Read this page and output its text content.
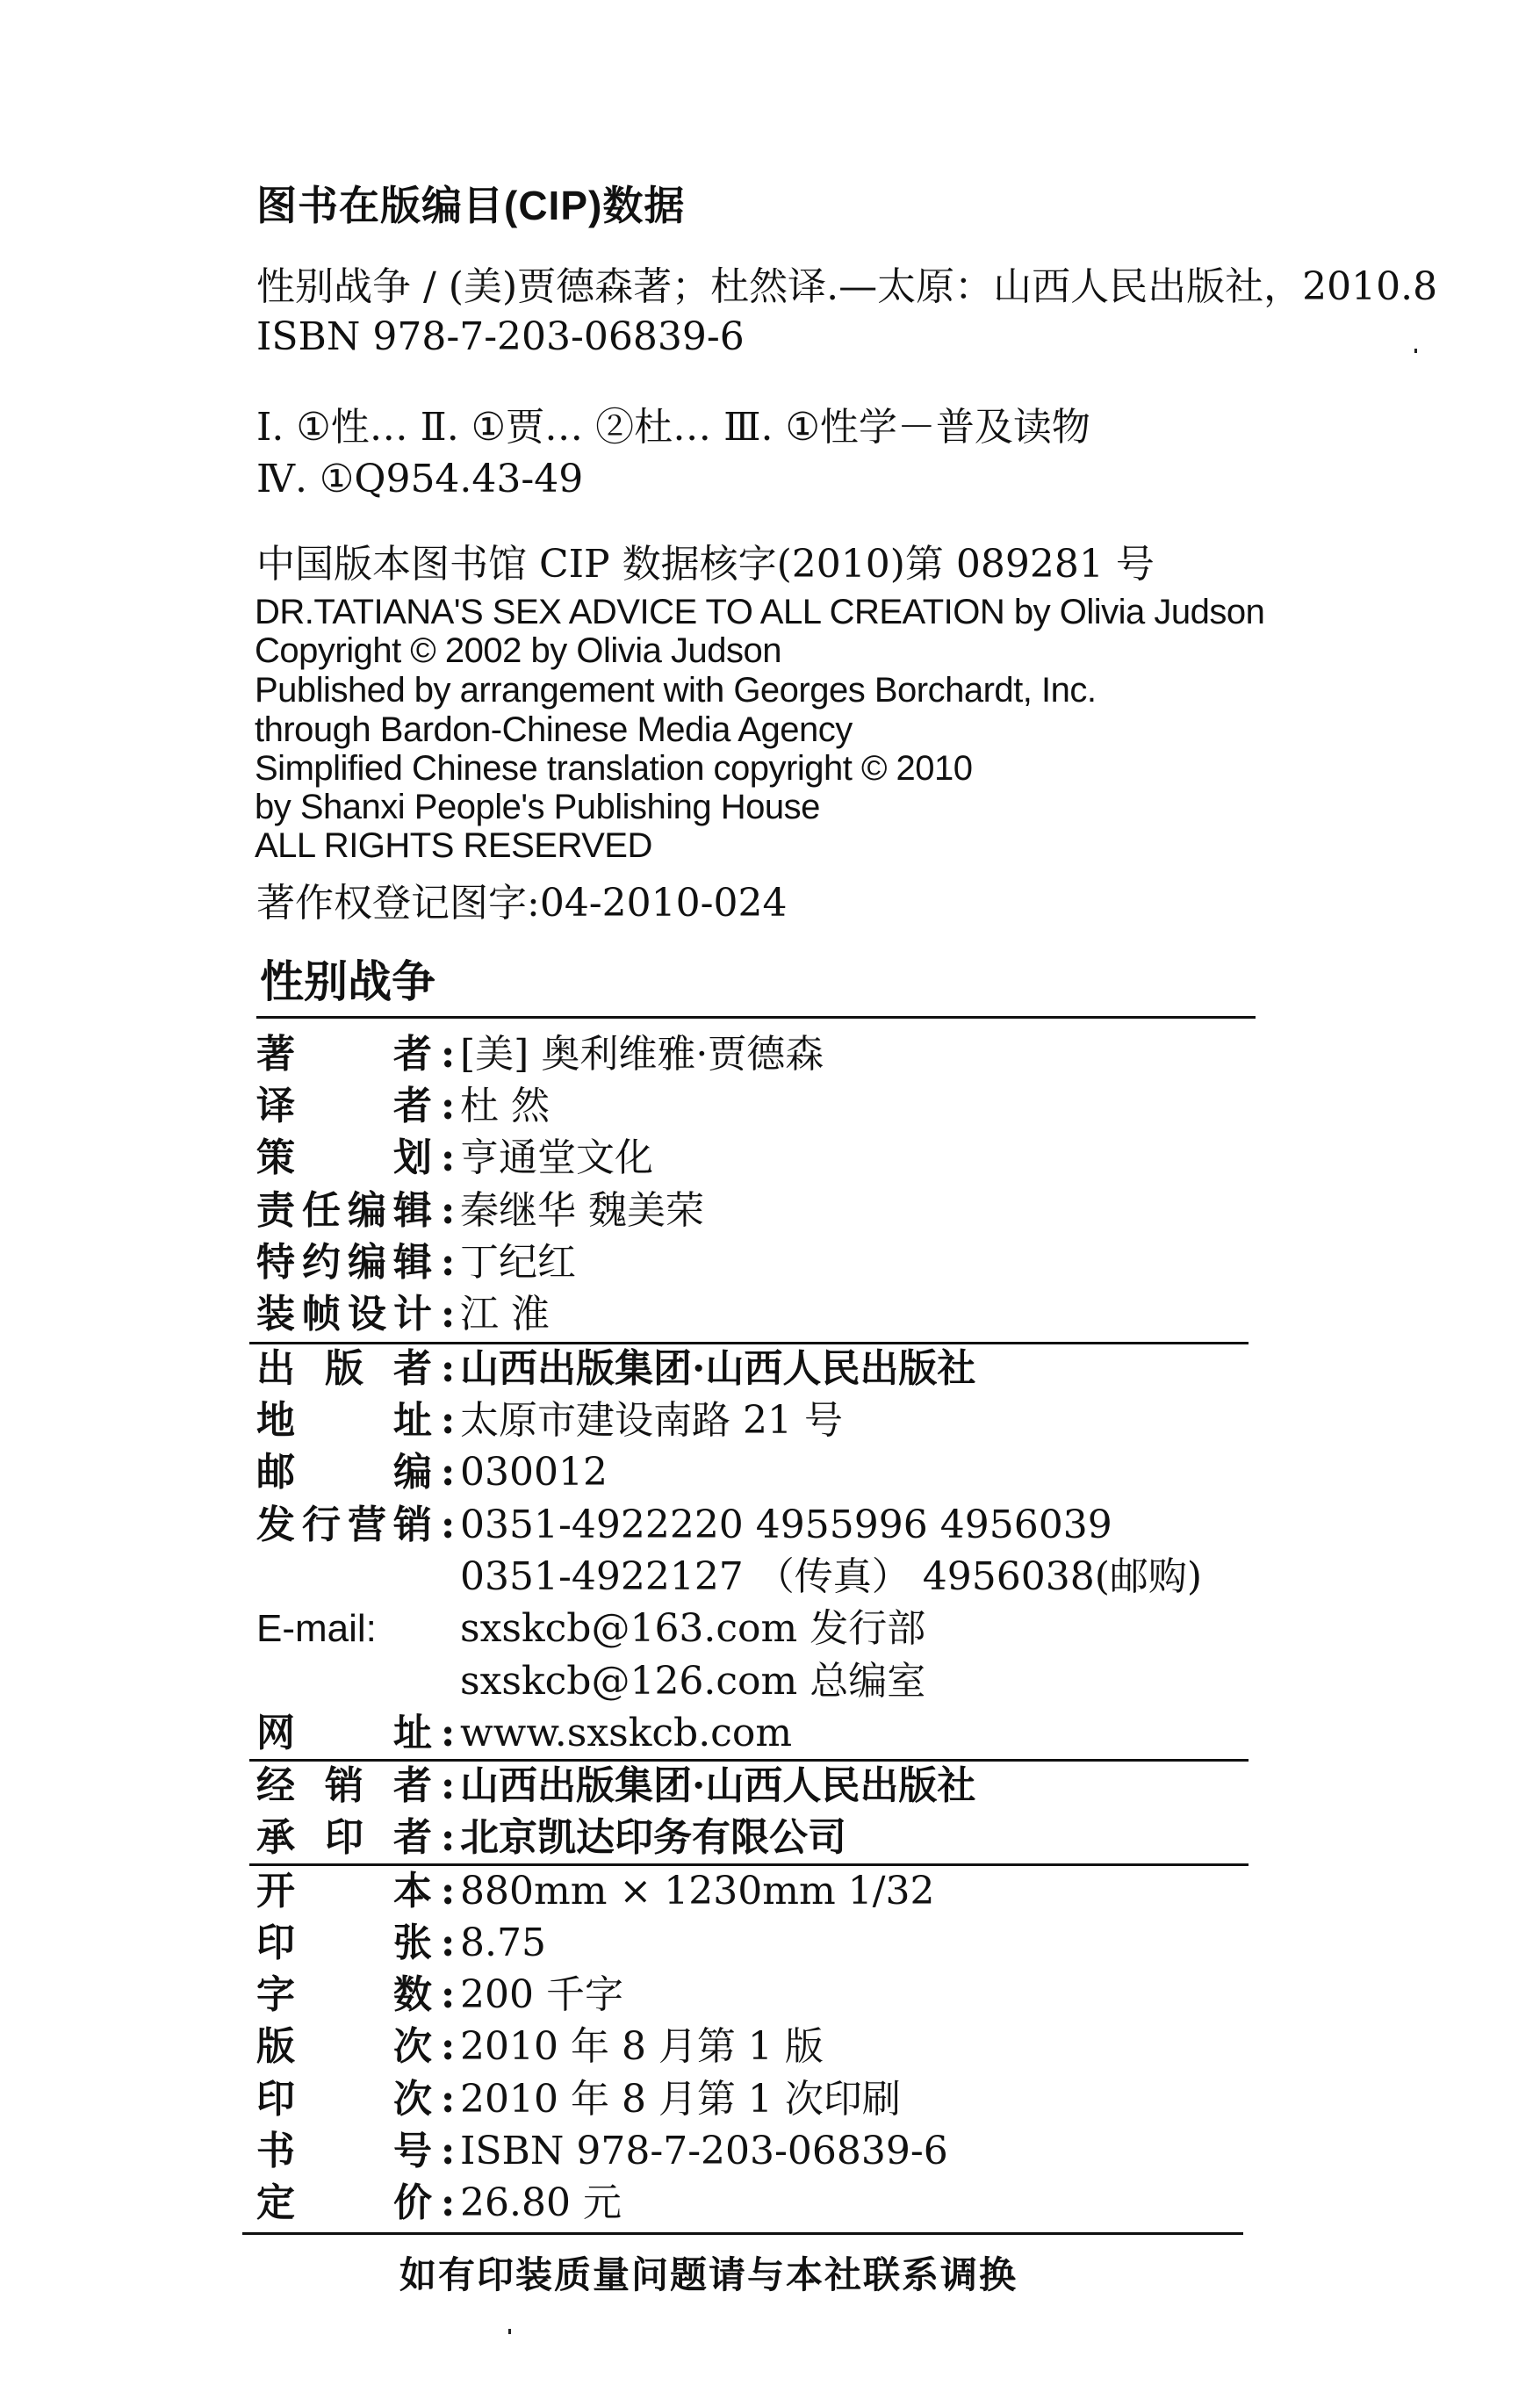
图书在版编目(CIP)数据
性别战争 / (美)贾德森著；杜然译.—太原：山西人民出版社，2010.8
ISBN 978-7-203-06839-6
Ⅰ. ①性… Ⅱ. ①贾… ②杜… Ⅲ. ①性学－普及读物
Ⅳ. ①Q954.43-49
中国版本图书馆 CIP 数据核字(2010)第 089281 号
DR.TATIANA'S SEX ADVICE TO ALL CREATION by Olivia Judson
Copyright © 2002 by Olivia Judson
Published by arrangement with Georges Borchardt, Inc.
through Bardon-Chinese Media Agency
Simplified Chinese translation copyright © 2010
by Shanxi People's Publishing House
ALL RIGHTS RESERVED
著作权登记图字:04-2010-024
性别战争
著	者 : [美] 奥利维雅·贾德森
译	者 : 杜 然
策	划 : 亨通堂文化
责 任 编 辑 : 秦继华 魏美荣
特 约 编 辑 : 丁纪红
装 帧 设 计 : 江 淮
出 版 者 : 山西出版集团·山西人民出版社
地	址 : 太原市建设南路 21 号
邮	编 : 030012
发 行 营 销 : 0351-4922220 4955996 4956039
0351-4922127 （传真） 4956038(邮购)
E-mail: sxskcb@163.com 发行部
sxskcb@126.com 总编室
网	址 : www.sxskcb.com
经 销 者 : 山西出版集团·山西人民出版社
承 印 者 : 北京凯达印务有限公司
开	本 : 880mm × 1230mm 1/32
印	张 : 8.75
字	数 : 200 千字
版	次 : 2010 年 8 月第 1 版
印	次 : 2010 年 8 月第 1 次印刷
书	号 : ISBN 978-7-203-06839-6
定	价 : 26.80 元
如有印装质量问题请与本社联系调换
